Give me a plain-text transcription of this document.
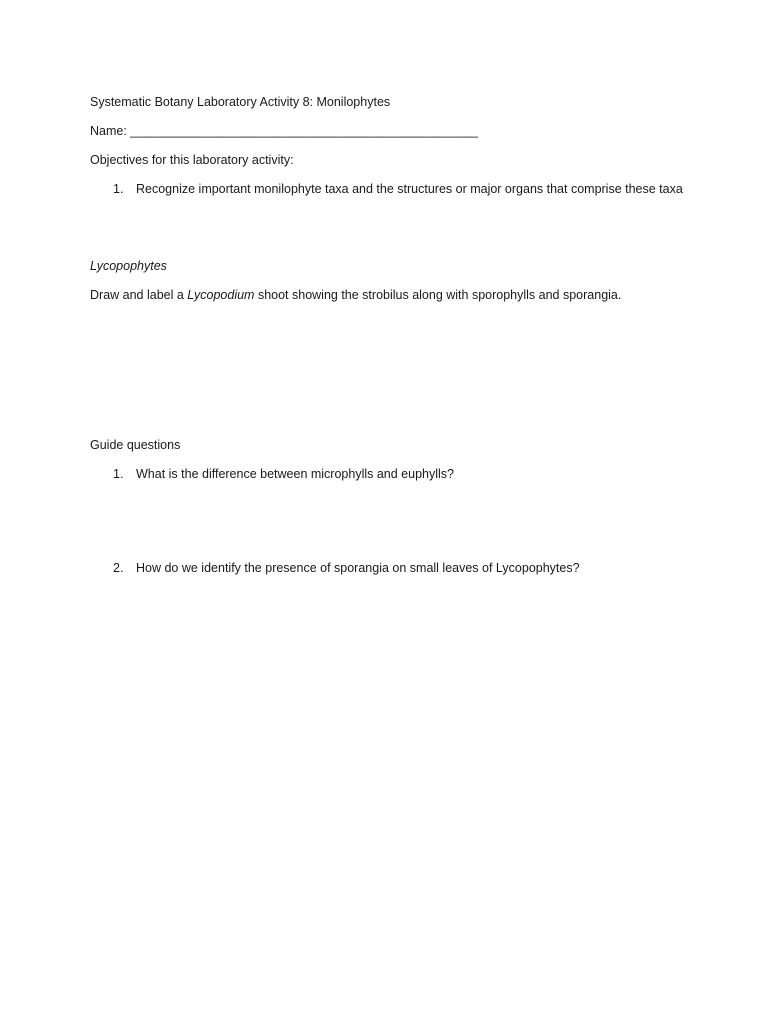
Systematic Botany Laboratory Activity 8: Monilophytes
Name: __________________________________________________
Objectives for this laboratory activity:
1. Recognize important monilophyte taxa and the structures or major organs that comprise these taxa
Lycopophytes
Draw and label a Lycopodium shoot showing the strobilus along with sporophylls and sporangia.
Guide questions
1. What is the difference between microphylls and euphylls?
2. How do we identify the presence of sporangia on small leaves of Lycopophytes?
